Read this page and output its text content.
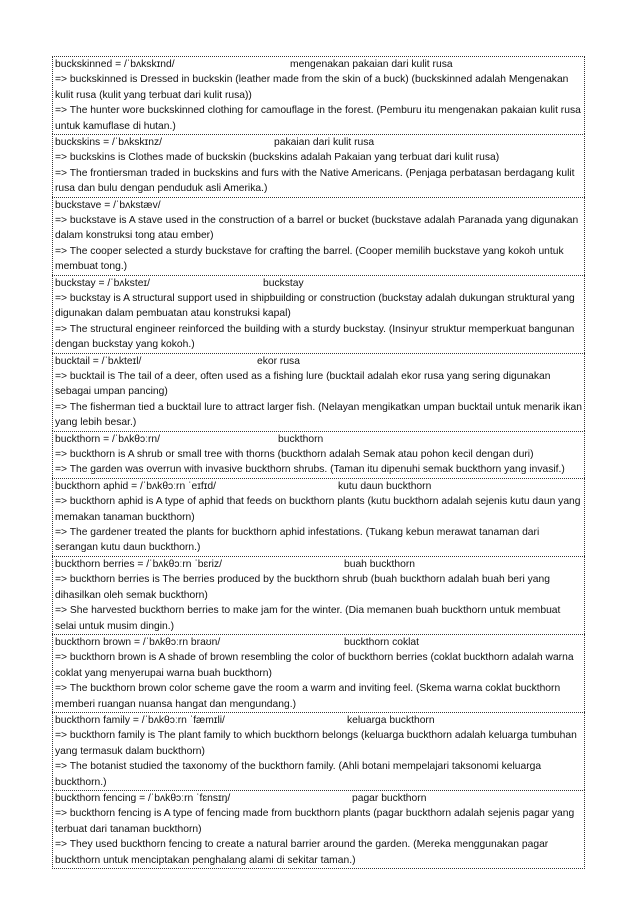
buckskinned = /ˈbʌkskɪnd/	mengenakan pakaian dari kulit rusa
=> buckskinned is Dressed in buckskin (leather made from the skin of a buck) (buckskinned adalah Mengenakan kulit rusa (kulit yang terbuat dari kulit rusa))
=> The hunter wore buckskinned clothing for camouflage in the forest. (Pemburu itu mengenakan pakaian kulit rusa untuk kamuflase di hutan.)
buckskins = /ˈbʌkskɪnz/	pakaian dari kulit rusa
=> buckskins is Clothes made of buckskin (buckskins adalah Pakaian yang terbuat dari kulit rusa)
=> The frontiersman traded in buckskins and furs with the Native Americans. (Penjaga perbatasan berdagang kulit rusa dan bulu dengan penduduk asli Amerika.)
buckstave = /ˈbʌkstæv/
=> buckstave is A stave used in the construction of a barrel or bucket (buckstave adalah Paranada yang digunakan dalam konstruksi tong atau ember)
=> The cooper selected a sturdy buckstave for crafting the barrel. (Cooper memilih buckstave yang kokoh untuk membuat tong.)
buckstay = /ˈbʌksteɪ/	buckstay
=> buckstay is A structural support used in shipbuilding or construction (buckstay adalah dukungan struktural yang digunakan dalam pembuatan atau konstruksi kapal)
=> The structural engineer reinforced the building with a sturdy buckstay. (Insinyur struktur memperkuat bangunan dengan buckstay yang kokoh.)
bucktail = /ˈbʌkteɪl/	ekor rusa
=> bucktail is The tail of a deer, often used as a fishing lure (bucktail adalah ekor rusa yang sering digunakan sebagai umpan pancing)
=> The fisherman tied a bucktail lure to attract larger fish. (Nelayan mengikatkan umpan bucktail untuk menarik ikan yang lebih besar.)
buckthorn = /ˈbʌkθɔːrn/	buckthorn
=> buckthorn is A shrub or small tree with thorns (buckthorn adalah Semak atau pohon kecil dengan duri)
=> The garden was overrun with invasive buckthorn shrubs. (Taman itu dipenuhi semak buckthorn yang invasif.)
buckthorn aphid = /ˈbʌkθɔːrn ˈeɪfɪd/	kutu daun buckthorn
=> buckthorn aphid is A type of aphid that feeds on buckthorn plants (kutu buckthorn adalah sejenis kutu daun yang memakan tanaman buckthorn)
=> The gardener treated the plants for buckthorn aphid infestations. (Tukang kebun merawat tanaman dari serangan kutu daun buckthorn.)
buckthorn berries = /ˈbʌkθɔːrn ˈbɛriz/	buah buckthorn
=> buckthorn berries is The berries produced by the buckthorn shrub (buah buckthorn adalah buah beri yang dihasilkan oleh semak buckthorn)
=> She harvested buckthorn berries to make jam for the winter. (Dia memanen buah buckthorn untuk membuat selai untuk musim dingin.)
buckthorn brown = /ˈbʌkθɔːrn braʊn/	buckthorn coklat
=> buckthorn brown is A shade of brown resembling the color of buckthorn berries (coklat buckthorn adalah warna coklat yang menyerupai warna buah buckthorn)
=> The buckthorn brown color scheme gave the room a warm and inviting feel. (Skema warna coklat buckthorn memberi ruangan nuansa hangat dan mengundang.)
buckthorn family = /ˈbʌkθɔːrn ˈfæmɪli/	keluarga buckthorn
=> buckthorn family is The plant family to which buckthorn belongs (keluarga buckthorn adalah keluarga tumbuhan yang termasuk dalam buckthorn)
=> The botanist studied the taxonomy of the buckthorn family. (Ahli botani mempelajari taksonomi keluarga buckthorn.)
buckthorn fencing = /ˈbʌkθɔːrn ˈfɛnsɪŋ/	pagar buckthorn
=> buckthorn fencing is A type of fencing made from buckthorn plants (pagar buckthorn adalah sejenis pagar yang terbuat dari tanaman buckthorn)
=> They used buckthorn fencing to create a natural barrier around the garden. (Mereka menggunakan pagar buckthorn untuk menciptakan penghalang alami di sekitar taman.)
